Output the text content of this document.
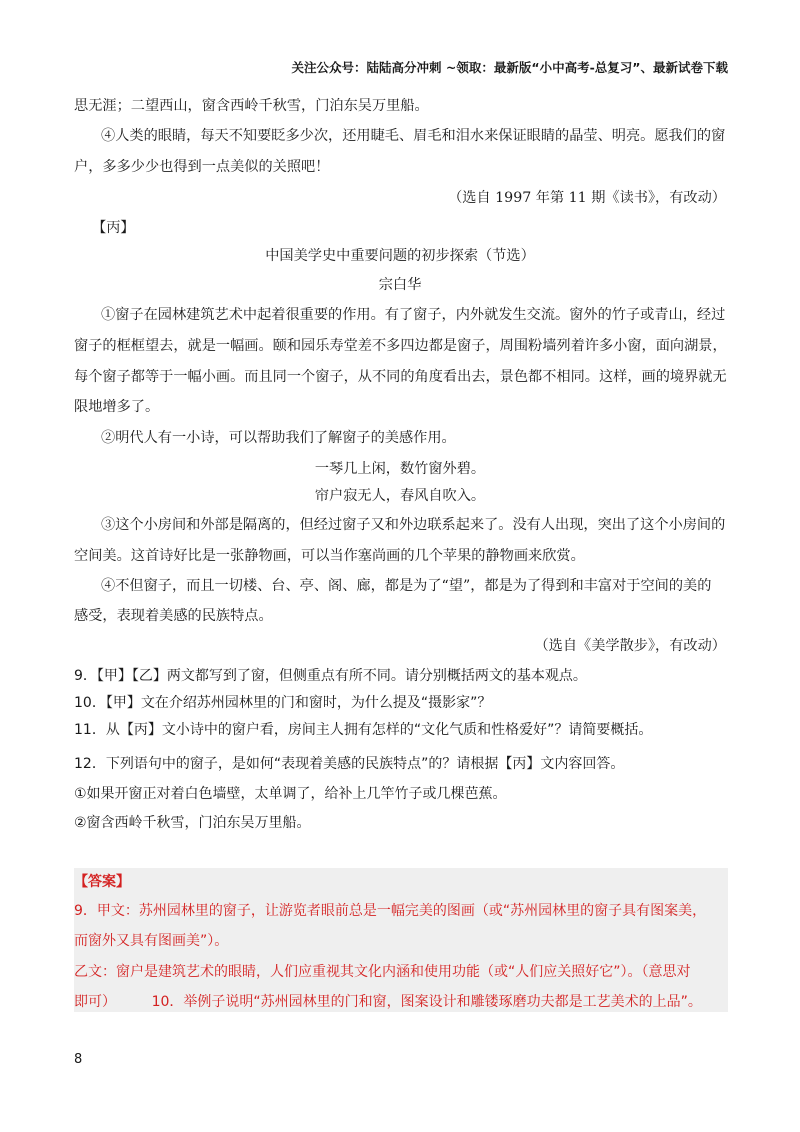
关注公众号：陆陆高分冲刺 ~领取：最新版“小中高考-总复习”、最新试卷下载
思无涯；二望西山，窗含西岭千秋雪，门泊东吴万里船。
④人类的眼睛，每天不知要眨多少次，还用睫毛、眉毛和泪水来保证眼睛的晶莹、明亮。愿我们的窗
户，多多少少也得到一点美似的关照吧！
（选自 1997 年第 11 期《读书》，有改动）
【丙】
中国美学史中重要问题的初步探索（节选）
宗白华
①窗子在园林建筑艺术中起着很重要的作用。有了窗子，内外就发生交流。窗外的竹子或青山，经过
窗子的框框望去，就是一幅画。颐和园乐寿堂差不多四边都是窗子，周围粉墙列着许多小窗，面向湖景，
每个窗子都等于一幅小画。而且同一个窗子，从不同的角度看出去，景色都不相同。这样，画的境界就无
限地增多了。
②明代人有一小诗，可以帮助我们了解窗子的美感作用。
一琴几上闲，数竹窗外碧。
帘户寂无人，春风自吹入。
③这个小房间和外部是隔离的，但经过窗子又和外边联系起来了。没有人出现，突出了这个小房间的
空间美。这首诗好比是一张静物画，可以当作塞尚画的几个苹果的静物画来欣赏。
④不但窗子，而且一切楼、台、亭、阁、廊，都是为了“望”，都是为了得到和丰富对于空间的美的
感受，表现着美感的民族特点。
（选自《美学散步》，有改动）
9．【甲】【乙】两文都写到了窗，但侧重点有所不同。请分别概括两文的基本观点。
10．【甲】文在介绍苏州园林里的门和窗时，为什么提及“摄影家”？
11．从【丙】文小诗中的窗户看，房间主人拥有怎样的“文化气质和性格爱好”？请简要概括。
12．下列语句中的窗子，是如何“表现着美感的民族特点”的？请根据【丙】文内容回答。
①如果开窗正对着白色墙壁，太单调了，给补上几竿竹子或几棵芭蕉。
②窗含西岭千秋雪，门泊东吴万里船。
【答案】
9．甲文：苏州园林里的窗子，让游览者眼前总是一幅完美的图画（或“苏州园林里的窗子具有图案美，
而窗外又具有图画美”）。
乙文：窗户是建筑艺术的眼睛，人们应重视其文化内涵和使用功能（或“人们应关照好它”）。（意思对
即可）        10．举例子说明“苏州园林里的门和窗，图案设计和雕镂琢磨功夫都是工艺美术的上品”。
8
